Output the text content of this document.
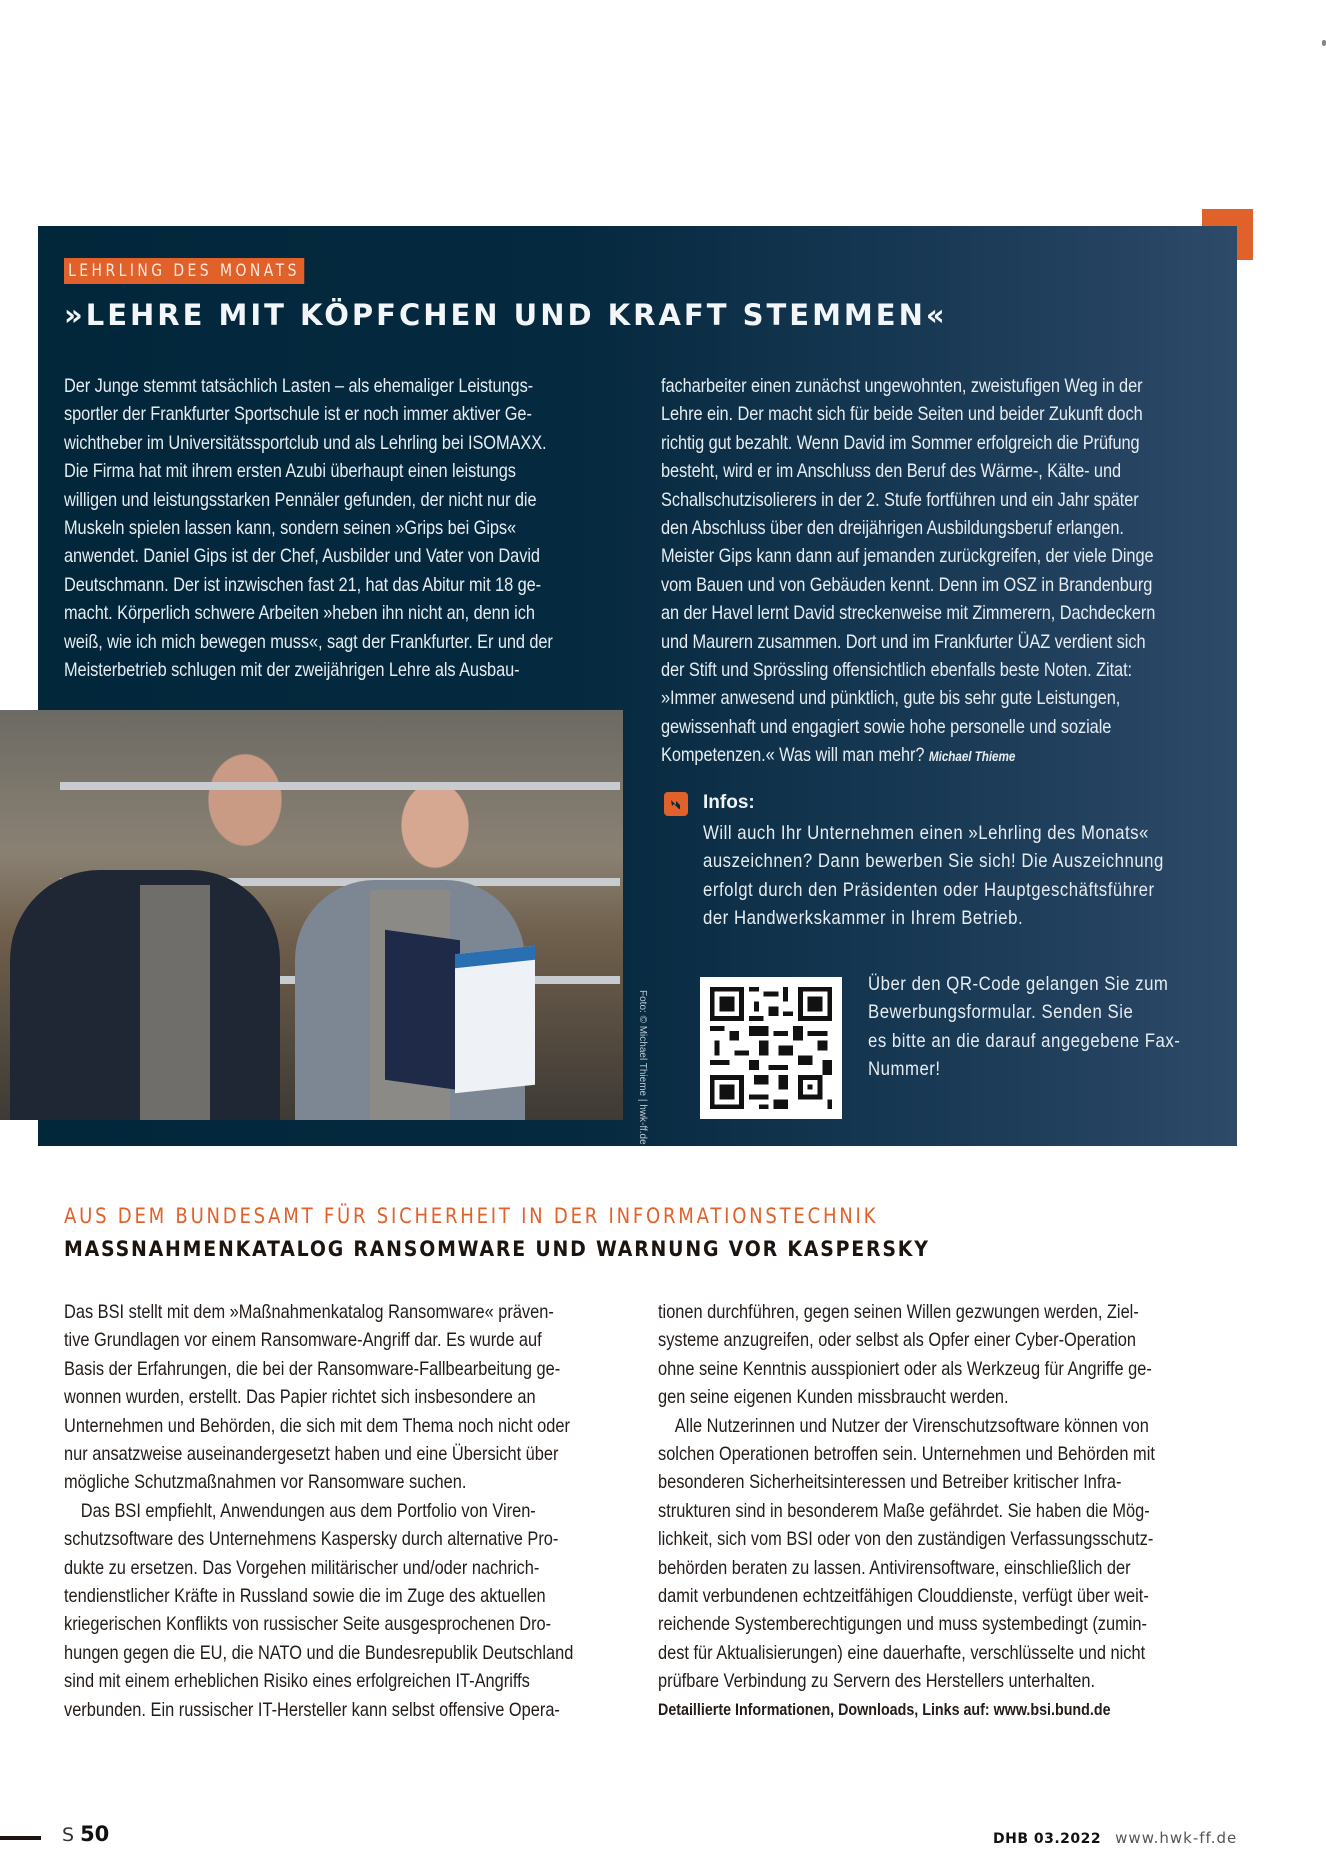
LEHRLING DES MONATS
»LEHRE MIT KÖPFCHEN UND KRAFT STEMMEN«
Der Junge stemmt tatsächlich Lasten – als ehemaliger Leistungs-
sportler der Frankfurter Sportschule ist er noch immer aktiver Ge-
wichtheber im Universitätssportclub und als Lehrling bei ISOMAXX.
Die Firma hat mit ihrem ersten Azubi überhaupt einen leistungs
willigen und leistungsstarken Pennäler gefunden, der nicht nur die
Muskeln spielen lassen kann, sondern seinen »Grips bei Gips«
anwendet. Daniel Gips ist der Chef, Ausbilder und Vater von David
Deutschmann. Der ist inzwischen fast 21, hat das Abitur mit 18 ge-
macht. Körperlich schwere Arbeiten »heben ihn nicht an, denn ich
weiß, wie ich mich bewegen muss«, sagt der Frankfurter. Er und der
Meisterbetrieb schlugen mit der zweijährigen Lehre als Ausbau-
facharbeiter einen zunächst ungewohnten, zweistufigen Weg in der
Lehre ein. Der macht sich für beide Seiten und beider Zukunft doch
richtig gut bezahlt. Wenn David im Sommer erfolgreich die Prüfung
besteht, wird er im Anschluss den Beruf des Wärme-, Kälte- und
Schallschutzisolierers in der 2. Stufe fortführen und ein Jahr später
den Abschluss über den dreijährigen Ausbildungsberuf erlangen.
Meister Gips kann dann auf jemanden zurückgreifen, der viele Dinge
vom Bauen und von Gebäuden kennt. Denn im OSZ in Brandenburg
an der Havel lernt David streckenweise mit Zimmerern, Dachdeckern
und Maurern zusammen. Dort und im Frankfurter ÜAZ verdient sich
der Stift und Sprössling offensichtlich ebenfalls beste Noten. Zitat:
»Immer anwesend und pünktlich, gute bis sehr gute Leistungen,
gewissenhaft und engagiert sowie hohe personelle und soziale
Kompetenzen.« Was will man mehr? Michael Thieme
Foto: © Michael Thieme | hwk-ff.de
Infos:
Will auch Ihr Unternehmen einen »Lehrling des Monats«
auszeichnen? Dann bewerben Sie sich! Die Auszeichnung
erfolgt durch den Präsidenten oder Hauptgeschäftsführer
der Handwerkskammer in Ihrem Betrieb.
Über den QR-Code gelangen Sie zum
Bewerbungsformular. Senden Sie
es bitte an die darauf angegebene Fax-
Nummer!
AUS DEM BUNDESAMT FÜR SICHERHEIT IN DER INFORMATIONSTECHNIK
MASSNAHMENKATALOG RANSOMWARE UND WARNUNG VOR KASPERSKY
Das BSI stellt mit dem »Maßnahmenkatalog Ransomware« präven-
tive Grundlagen vor einem Ransomware-Angriff dar. Es wurde auf
Basis der Erfahrungen, die bei der Ransomware-Fallbearbeitung ge-
wonnen wurden, erstellt. Das Papier richtet sich insbesondere an
Unternehmen und Behörden, die sich mit dem Thema noch nicht oder
nur ansatzweise auseinandergesetzt haben und eine Übersicht über
mögliche Schutzmaßnahmen vor Ransomware suchen.
Das BSI empfiehlt, Anwendungen aus dem Portfolio von Viren-
schutzsoftware des Unternehmens Kaspersky durch alternative Pro-
dukte zu ersetzen. Das Vorgehen militärischer und/oder nachrich-
tendienstlicher Kräfte in Russland sowie die im Zuge des aktuellen
kriegerischen Konflikts von russischer Seite ausgesprochenen Dro-
hungen gegen die EU, die NATO und die Bundesrepublik Deutschland
sind mit einem erheblichen Risiko eines erfolgreichen IT-Angriffs
verbunden. Ein russischer IT-Hersteller kann selbst offensive Opera-
tionen durchführen, gegen seinen Willen gezwungen werden, Ziel-
systeme anzugreifen, oder selbst als Opfer einer Cyber-Operation
ohne seine Kenntnis ausspioniert oder als Werkzeug für Angriffe ge-
gen seine eigenen Kunden missbraucht werden.
Alle Nutzerinnen und Nutzer der Virenschutzsoftware können von
solchen Operationen betroffen sein. Unternehmen und Behörden mit
besonderen Sicherheitsinteressen und Betreiber kritischer Infra-
strukturen sind in besonderem Maße gefährdet. Sie haben die Mög-
lichkeit, sich vom BSI oder von den zuständigen Verfassungsschutz-
behörden beraten zu lassen. Antivirensoftware, einschließlich der
damit verbundenen echtzeitfähigen Clouddienste, verfügt über weit-
reichende Systemberechtigungen und muss systembedingt (zumin-
dest für Aktualisierungen) eine dauerhafte, verschlüsselte und nicht
prüfbare Verbindung zu Servern des Herstellers unterhalten.
Detaillierte Informationen, Downloads, Links auf: www.bsi.bund.de
S 50	DHB 03.2022 www.hwk-ff.de
